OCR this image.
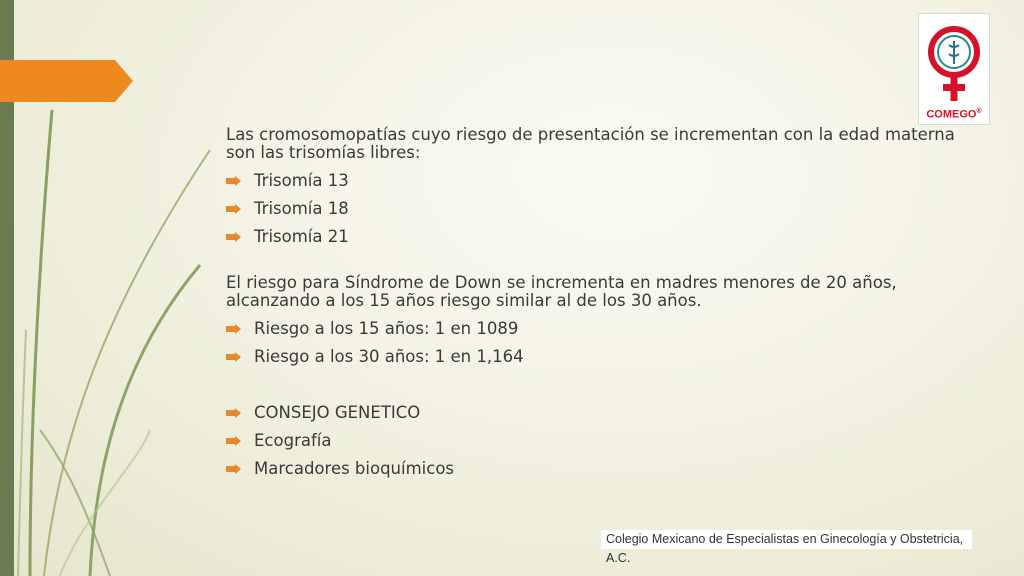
COMEGO®

Las cromosomopatías cuyo riesgo de presentación se incrementan con la edad materna son las trisomías libres:

Trisomía 13
Trisomía 18
Trisomía 21

El riesgo para Síndrome de Down se incrementa en madres menores de 20 años, alcanzando a los 15 años riesgo similar al de los 30 años.

Riesgo a los 15 años: 1 en 1089
Riesgo a los 30 años: 1 en 1,164
CONSEJO GENETICO
Ecografía
Marcadores bioquímicos
Colegio Mexicano de Especialistas en Ginecología y Obstetricia, A.C.
